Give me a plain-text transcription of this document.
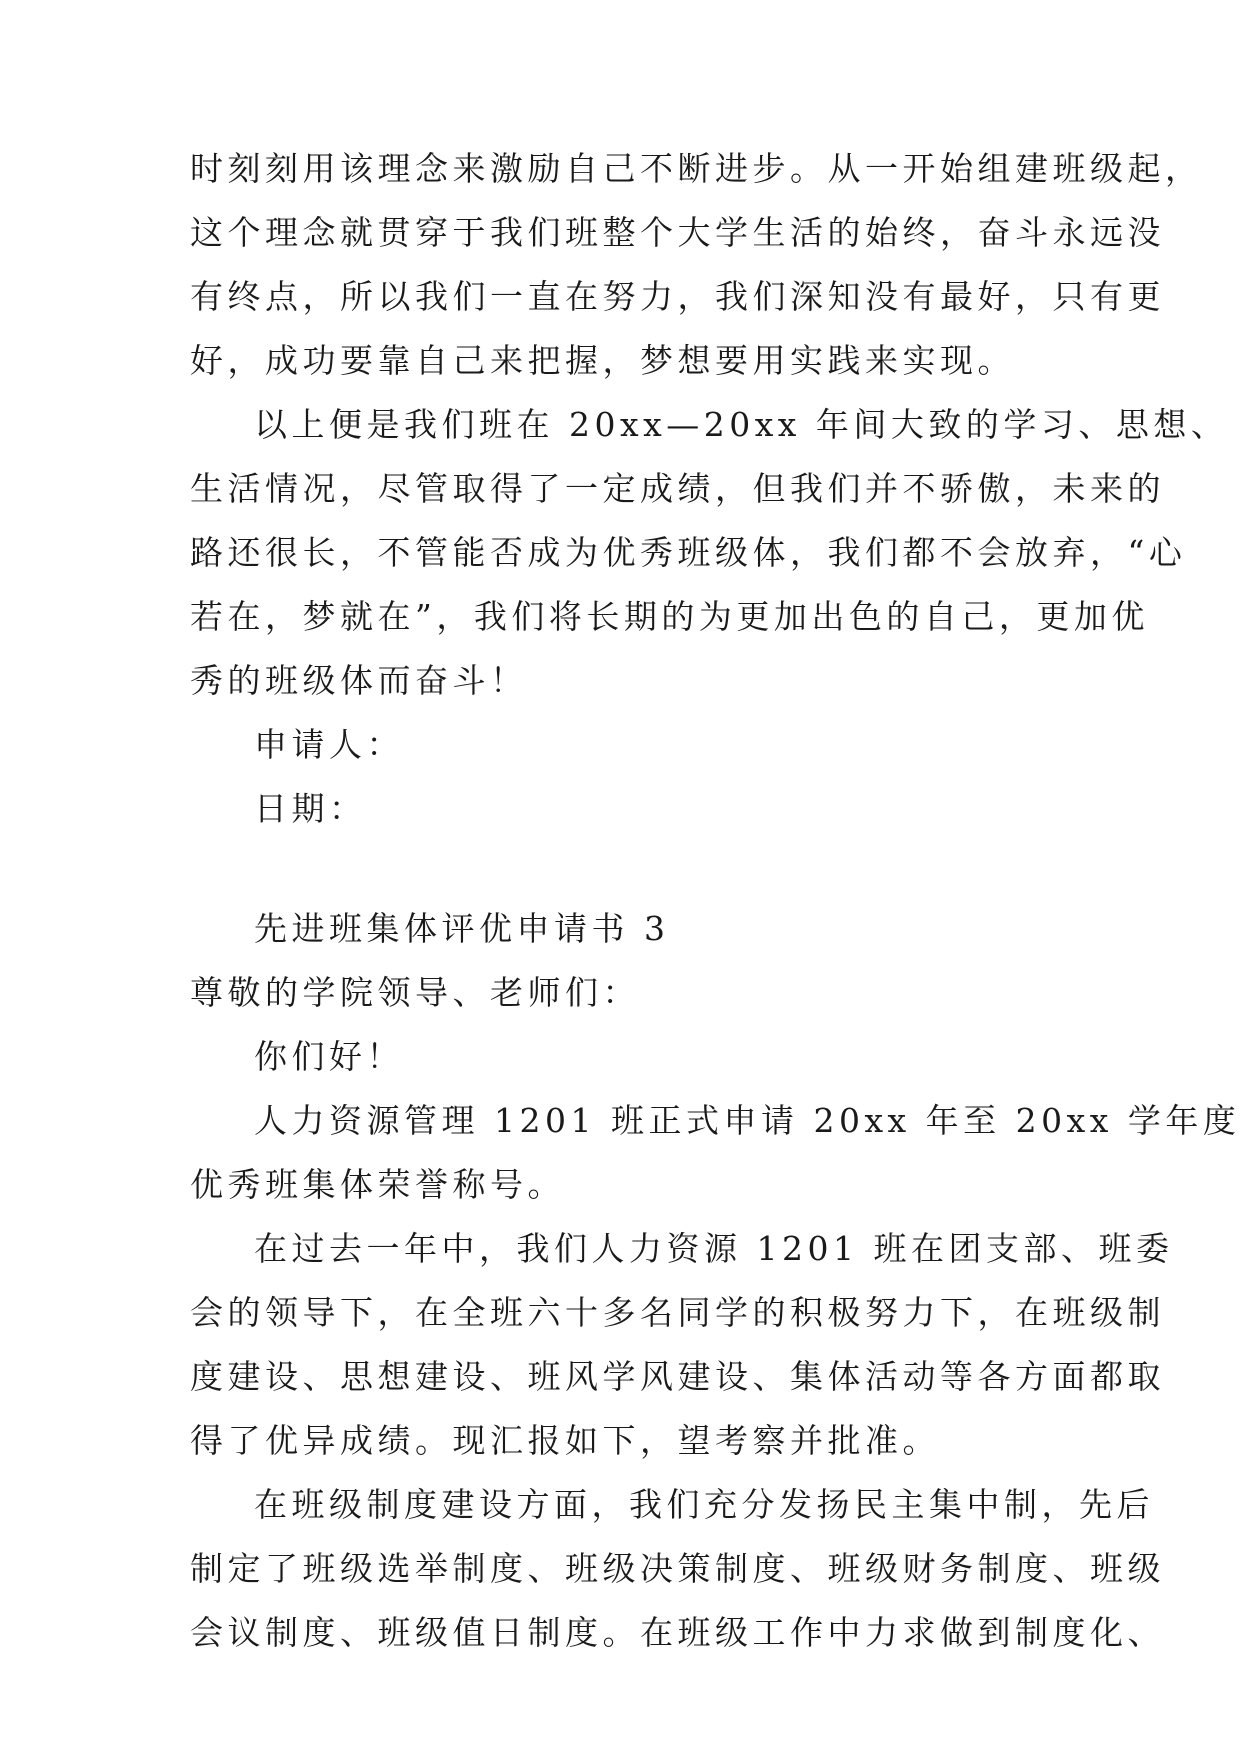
时刻刻用该理念来激励自己不断进步。从一开始组建班级起，
这个理念就贯穿于我们班整个大学生活的始终，奋斗永远没
有终点，所以我们一直在努力，我们深知没有最好，只有更
好，成功要靠自己来把握，梦想要用实践来实现。
以上便是我们班在 20xx—20xx 年间大致的学习、思想、
生活情况，尽管取得了一定成绩，但我们并不骄傲，未来的
路还很长，不管能否成为优秀班级体，我们都不会放弃，“心
若在，梦就在”，我们将长期的为更加出色的自己，更加优
秀的班级体而奋斗！
申请人：
日期：
先进班集体评优申请书 3
尊敬的学院领导、老师们：
你们好！
人力资源管理 1201 班正式申请 20xx 年至 20xx 学年度
优秀班集体荣誉称号。
在过去一年中，我们人力资源 1201 班在团支部、班委
会的领导下，在全班六十多名同学的积极努力下，在班级制
度建设、思想建设、班风学风建设、集体活动等各方面都取
得了优异成绩。现汇报如下，望考察并批准。
在班级制度建设方面，我们充分发扬民主集中制，先后
制定了班级选举制度、班级决策制度、班级财务制度、班级
会议制度、班级值日制度。在班级工作中力求做到制度化、
